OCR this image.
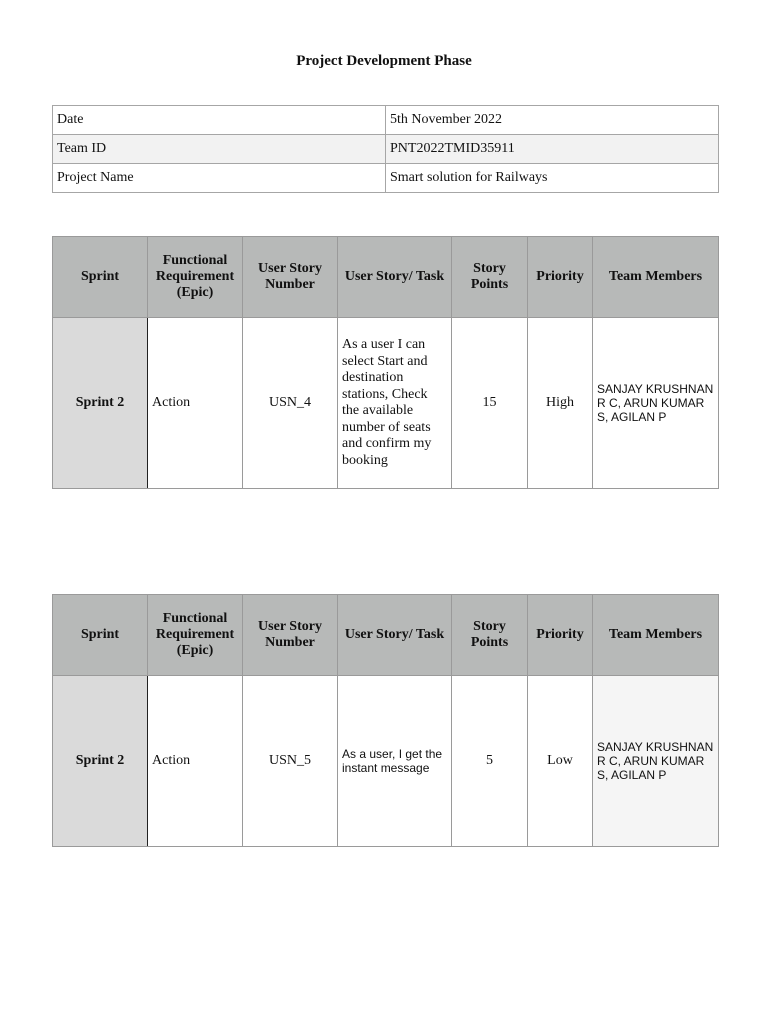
Project Development Phase
Date	5th November 2022
Team ID	PNT2022TMID35911
Project Name	Smart solution for Railways
Sprint	Functional Requirement (Epic)	User Story Number	User Story/ Task	Story Points	Priority	Team Members
Sprint 2	Action	USN_4	As a user I can select Start and destination stations, Check the available number of seats and confirm my booking	15	High	SANJAY KRUSHNAN R C, ARUN KUMAR S, AGILAN P
Sprint	Functional Requirement (Epic)	User Story Number	User Story/ Task	Story Points	Priority	Team Members
Sprint 2	Action	USN_5	As a user, I get the instant message	5	Low	SANJAY KRUSHNAN R C, ARUN KUMAR S, AGILAN P
